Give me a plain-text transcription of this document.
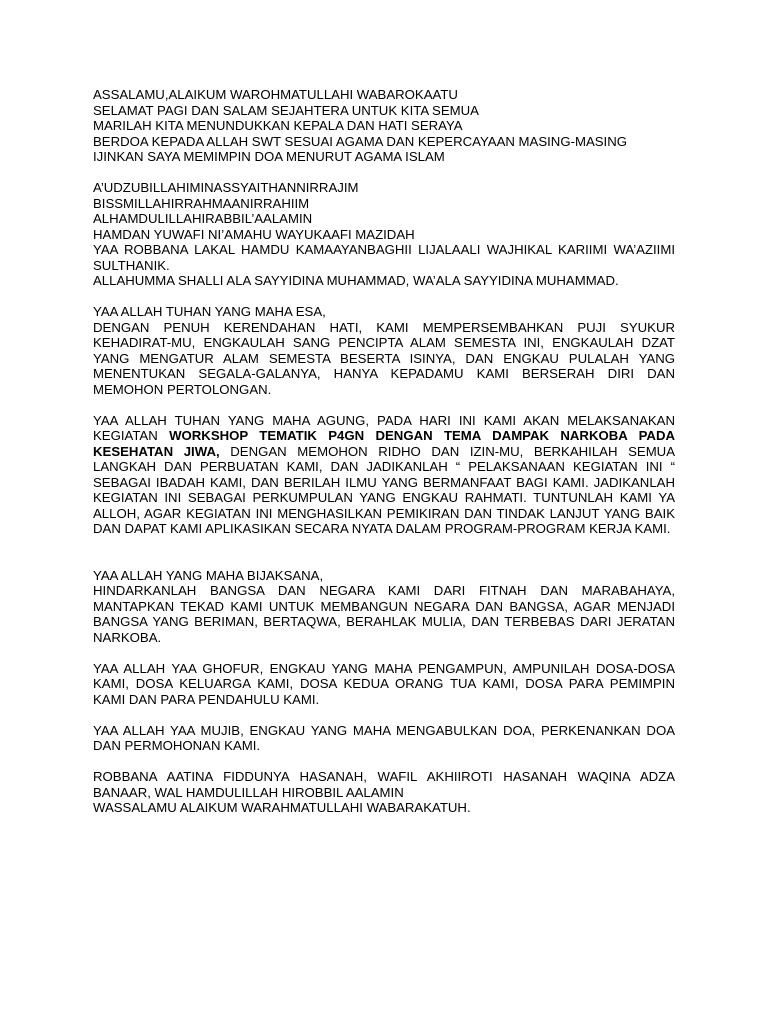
ASSALAMU,ALAIKUM WAROHMATULLAHI WABAROKAATU
SELAMAT PAGI DAN SALAM SEJAHTERA UNTUK KITA SEMUA
MARILAH KITA MENUNDUKKAN KEPALA DAN HATI SERAYA
BERDOA KEPADA ALLAH SWT SESUAI AGAMA DAN KEPERCAYAAN MASING-MASING
IJINKAN SAYA MEMIMPIN DOA MENURUT AGAMA ISLAM
A’UDZUBILLAHIMINASSYAITHANNIRRAJIM
BISSMILLAHIRRAHMAANIRRAHIIM
ALHAMDULILLAHIRABBIL’AALAMIN
HAMDAN YUWAFI NI’AMAHU WAYUKAAFI MAZIDAH
YAA ROBBANA LAKAL HAMDU KAMAAYANBAGHII LIJALAALI WAJHIKAL KARIIMI WA’AZIIMI SULTHANIK.
ALLAHUMMA SHALLI ALA SAYYIDINA MUHAMMAD, WA’ALA SAYYIDINA MUHAMMAD.
YAA ALLAH TUHAN YANG MAHA ESA,
DENGAN PENUH KERENDAHAN HATI, KAMI MEMPERSEMBAHKAN PUJI SYUKUR KEHADIRAT-MU, ENGKAULAH SANG PENCIPTA ALAM SEMESTA INI, ENGKAULAH DZAT YANG MENGATUR ALAM SEMESTA BESERTA ISINYA, DAN ENGKAU PULALAH YANG MENENTUKAN SEGALA-GALANYA, HANYA KEPADAMU KAMI BERSERAH DIRI DAN MEMOHON PERTOLONGAN.
YAA ALLAH TUHAN YANG MAHA AGUNG, PADA HARI INI KAMI AKAN MELAKSANAKAN KEGIATAN WORKSHOP TEMATIK P4GN DENGAN TEMA DAMPAK NARKOBA PADA KESEHATAN JIWA, DENGAN MEMOHON RIDHO DAN IZIN-MU, BERKAHILAH SEMUA LANGKAH DAN PERBUATAN KAMI, DAN JADIKANLAH “ PELAKSANAAN KEGIATAN INI “ SEBAGAI IBADAH KAMI, DAN BERILAH ILMU YANG BERMANFAAT BAGI KAMI. JADIKANLAH KEGIATAN INI SEBAGAI PERKUMPULAN YANG ENGKAU RAHMATI. TUNTUNLAH KAMI YA ALLOH, AGAR KEGIATAN INI MENGHASILKAN PEMIKIRAN DAN TINDAK LANJUT YANG BAIK DAN DAPAT KAMI APLIKASIKAN SECARA NYATA DALAM PROGRAM-PROGRAM KERJA KAMI.
YAA ALLAH YANG MAHA BIJAKSANA,
HINDARKANLAH BANGSA DAN NEGARA KAMI DARI FITNAH DAN MARABAHAYA, MANTAPKAN TEKAD KAMI UNTUK MEMBANGUN NEGARA DAN BANGSA, AGAR MENJADI BANGSA YANG BERIMAN, BERTAQWA, BERAHLAK MULIA, DAN TERBEBAS DARI JERATAN NARKOBA.
YAA ALLAH YAA GHOFUR, ENGKAU YANG MAHA PENGAMPUN, AMPUNILAH DOSA-DOSA KAMI, DOSA KELUARGA KAMI, DOSA KEDUA ORANG TUA KAMI, DOSA PARA PEMIMPIN KAMI DAN PARA PENDAHULU KAMI.
YAA ALLAH YAA MUJIB, ENGKAU YANG MAHA MENGABULKAN DOA, PERKENANKAN DOA DAN PERMOHONAN KAMI.
ROBBANA AATINA FIDDUNYA HASANAH, WAFIL AKHIIROTI HASANAH WAQINA ADZA BANAAR, WAL HAMDULILLAH HIROBBIL AALAMIN
WASSALAMU ALAIKUM WARAHMATULLAHI WABARAKATUH.
